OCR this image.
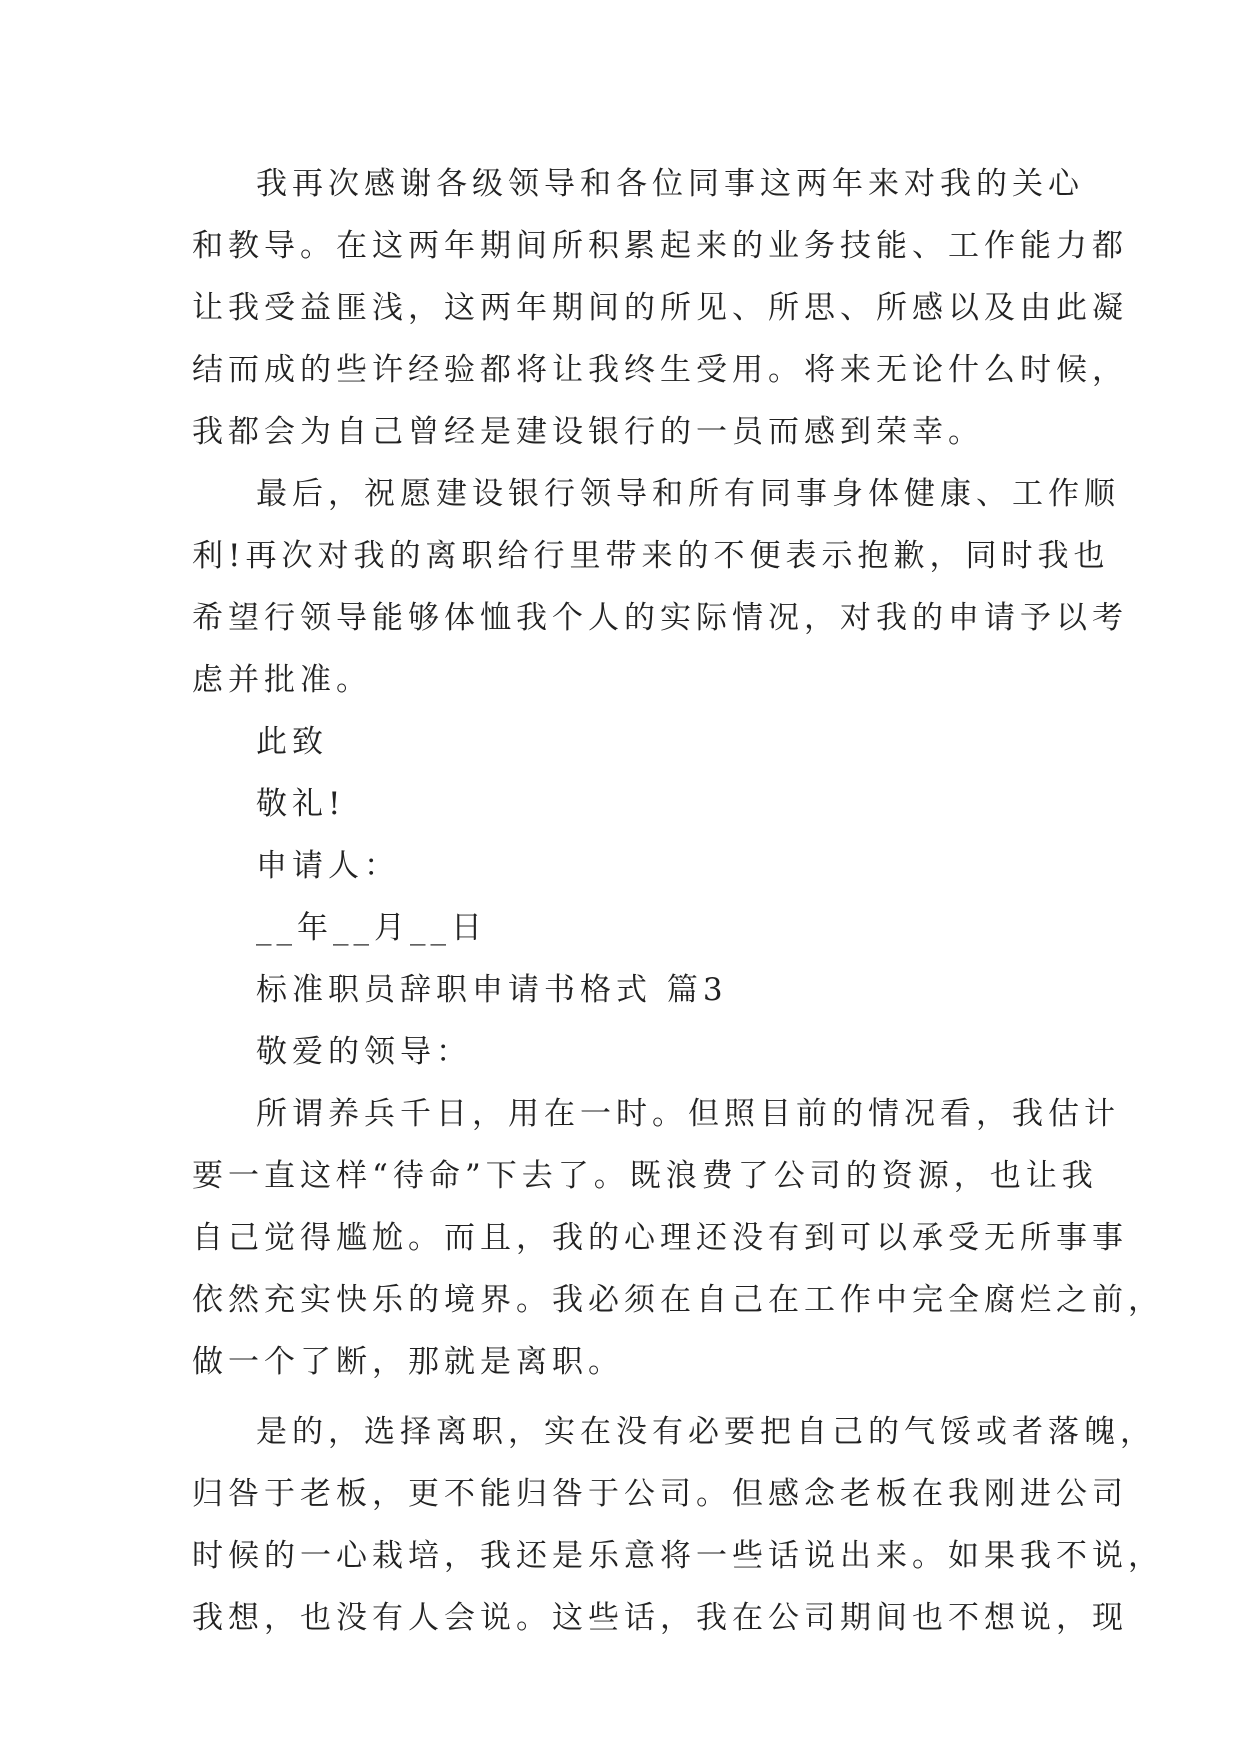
我再次感谢各级领导和各位同事这两年来对我的关心
和教导。在这两年期间所积累起来的业务技能、工作能力都
让我受益匪浅，这两年期间的所见、所思、所感以及由此凝
结而成的些许经验都将让我终生受用。将来无论什么时候，
我都会为自己曾经是建设银行的一员而感到荣幸。
最后，祝愿建设银行领导和所有同事身体健康、工作顺
利!再次对我的离职给行里带来的不便表示抱歉，同时我也
希望行领导能够体恤我个人的实际情况，对我的申请予以考
虑并批准。
此致
敬礼!
申请人：
__年__月__日
标准职员辞职申请书格式 篇3
敬爱的领导：
所谓养兵千日，用在一时。但照目前的情况看，我估计
要一直这样“待命”下去了。既浪费了公司的资源，也让我
自己觉得尴尬。而且，我的心理还没有到可以承受无所事事
依然充实快乐的境界。我必须在自己在工作中完全腐烂之前，
做一个了断，那就是离职。
是的，选择离职，实在没有必要把自己的气馁或者落魄，
归咎于老板，更不能归咎于公司。但感念老板在我刚进公司
时候的一心栽培，我还是乐意将一些话说出来。如果我不说，
我想，也没有人会说。这些话，我在公司期间也不想说，现
